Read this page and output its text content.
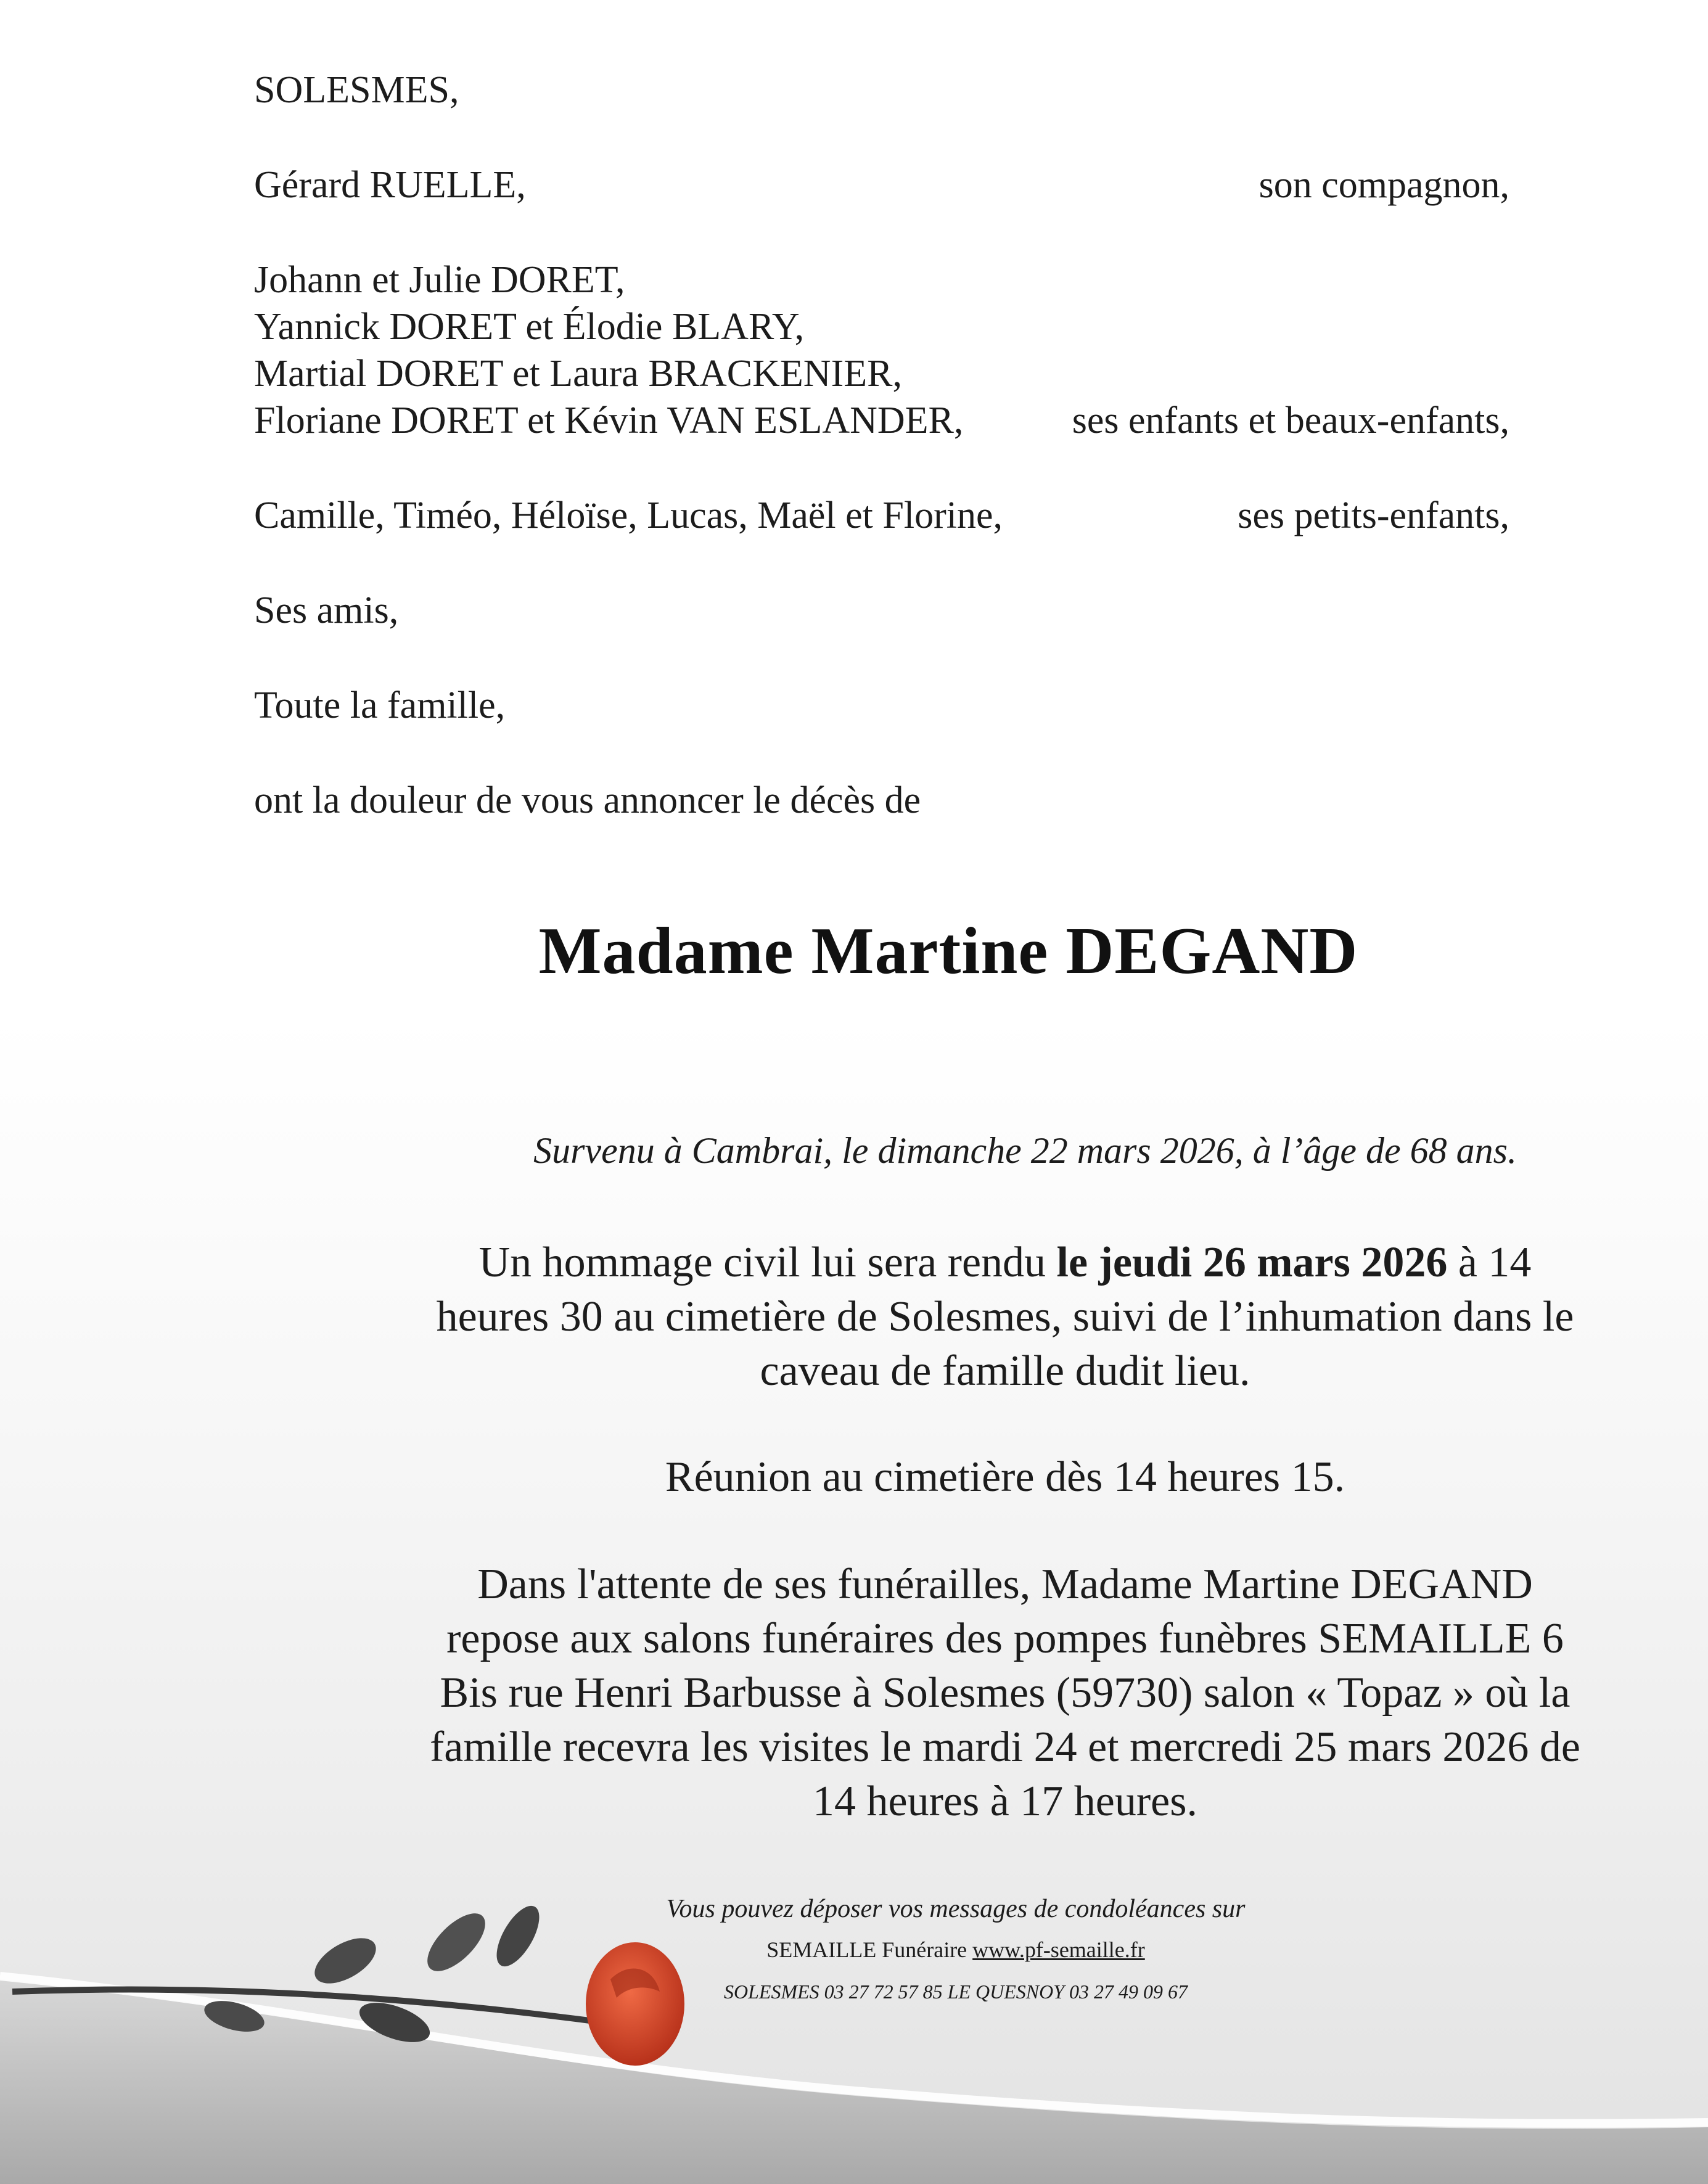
SOLESMES,
Gérard RUELLE,	son compagnon,
Johann et Julie DORET,
Yannick DORET et Élodie BLARY,
Martial DORET et Laura BRACKENIER,
Floriane DORET et Kévin VAN ESLANDER,	ses enfants et beaux-enfants,
Camille, Timéo, Héloïse, Lucas, Maël et Florine,	ses petits-enfants,
Ses amis,
Toute la famille,
ont la douleur de vous annoncer le décès de
Madame Martine DEGAND
Survenu à Cambrai, le dimanche 22 mars 2026, à l’âge de 68 ans.
Un hommage civil lui sera rendu le jeudi 26 mars 2026 à 14
heures 30 au cimetière de Solesmes, suivi de l’inhumation dans le
caveau de famille dudit lieu.
Réunion au cimetière dès 14 heures 15.
Dans l'attente de ses funérailles, Madame Martine DEGAND
repose aux salons funéraires des pompes funèbres SEMAILLE 6
Bis rue Henri Barbusse à Solesmes (59730) salon « Topaz » où la
famille recevra les visites le mardi 24 et mercredi 25 mars 2026 de
14 heures à 17 heures.
Vous pouvez déposer vos messages de condoléances sur
SEMAILLE Funéraire www.pf-semaille.fr
SOLESMES 03 27 72 57 85 LE QUESNOY 03 27 49 09 67
